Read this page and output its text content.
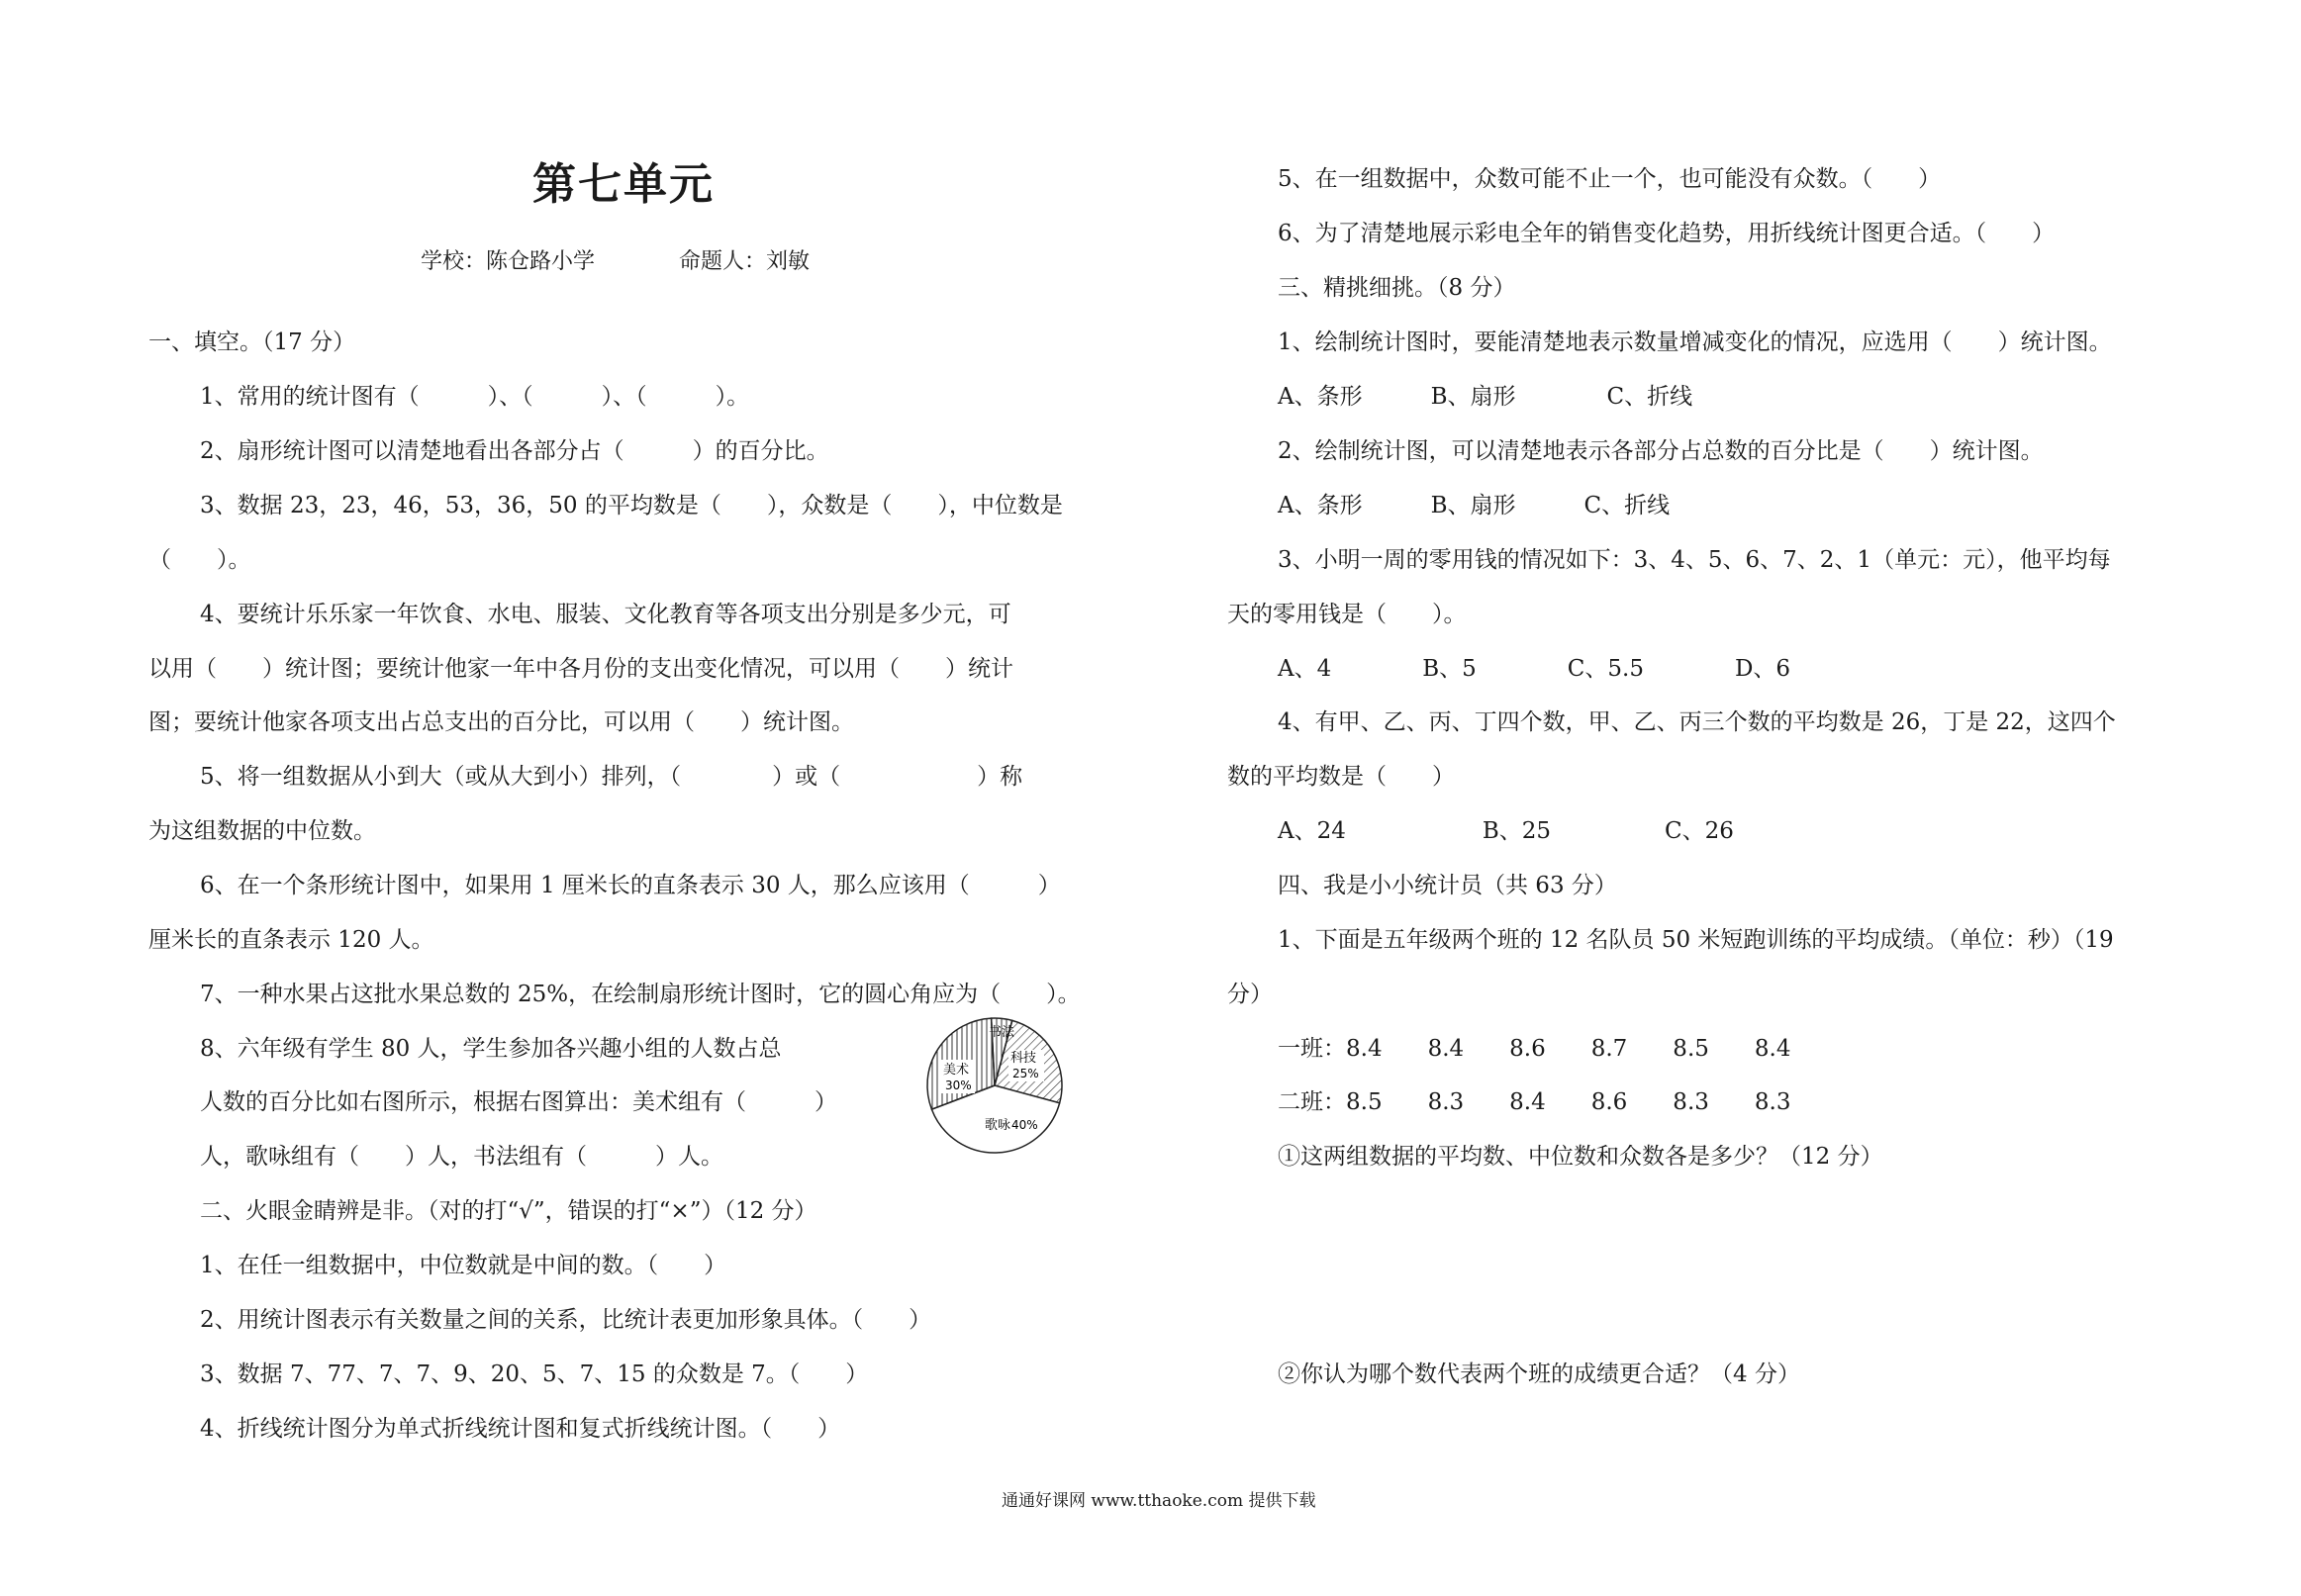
第七单元
学校：陈仓路小学	命题人：刘敏
一、填空。（17 分）
1、常用的统计图有（　　　）、（　　　）、（　　　）。
2、扇形统计图可以清楚地看出各部分占（　　　）的百分比。
3、数据 23，23，46，53，36，50 的平均数是（　　），众数是（　　），中位数是
（　　）。
4、要统计乐乐家一年饮食、水电、服装、文化教育等各项支出分别是多少元，可
以用（　　）统计图；要统计他家一年中各月份的支出变化情况，可以用（　　）统计
图；要统计他家各项支出占总支出的百分比，可以用（　　）统计图。
5、将一组数据从小到大（或从大到小）排列，（　　　　）或（　　　　　　）称
为这组数据的中位数。
6、在一个条形统计图中，如果用 1 厘米长的直条表示 30 人，那么应该用（　　　）
厘米长的直条表示 120 人。
7、一种水果占这批水果总数的 25%，在绘制扇形统计图时，它的圆心角应为（　　）。
8、六年级有学生 80 人，学生参加各兴趣小组的人数占总
人数的百分比如右图所示，根据右图算出：美术组有（　　　）
人，歌咏组有（　　）人，书法组有（　　　）人。
二、火眼金睛辨是非。（对的打“√”，错误的打“×”）（12 分）
1、在任一组数据中，中位数就是中间的数。（　　）
2、用统计图表示有关数量之间的关系，比统计表更加形象具体。（　　）
3、数据 7、77、7、7、9、20、5、7、15 的众数是 7。（　　）
4、折线统计图分为单式折线统计图和复式折线统计图。（　　）
书法
科技
25%
美术
30%
歌咏 40%
5、在一组数据中，众数可能不止一个，也可能没有众数。（　　）
6、为了清楚地展示彩电全年的销售变化趋势，用折线统计图更合适。（　　）
三、精挑细挑。（8 分）
1、绘制统计图时，要能清楚地表示数量增减变化的情况，应选用（　　）统计图。
A、条形　　　B、扇形　　　　C、折线
2、绘制统计图，可以清楚地表示各部分占总数的百分比是（　　）统计图。
A、条形　　　B、扇形　　　C、折线
3、小明一周的零用钱的情况如下：3、4、5、6、7、2、1（单元：元），他平均每
天的零用钱是（　　）。
A、4　　　　B、5　　　　C、5.5　　　　D、6
4、有甲、乙、丙、丁四个数，甲、乙、丙三个数的平均数是 26，丁是 22，这四个
数的平均数是（　　）
A、24　　　　　　B、25　　　　　C、26
四、我是小小统计员（共 63 分）
1、下面是五年级两个班的 12 名队员 50 米短跑训练的平均成绩。（单位：秒）（19
分）
一班：8.4　　8.4　　8.6　　8.7　　8.5　　8.4
二班：8.5　　8.3　　8.4　　8.6　　8.3　　8.3
①这两组数据的平均数、中位数和众数各是多少？（12 分）
②你认为哪个数代表两个班的成绩更合适？（4 分）
通通好课网 www.tthaoke.com 提供下载
